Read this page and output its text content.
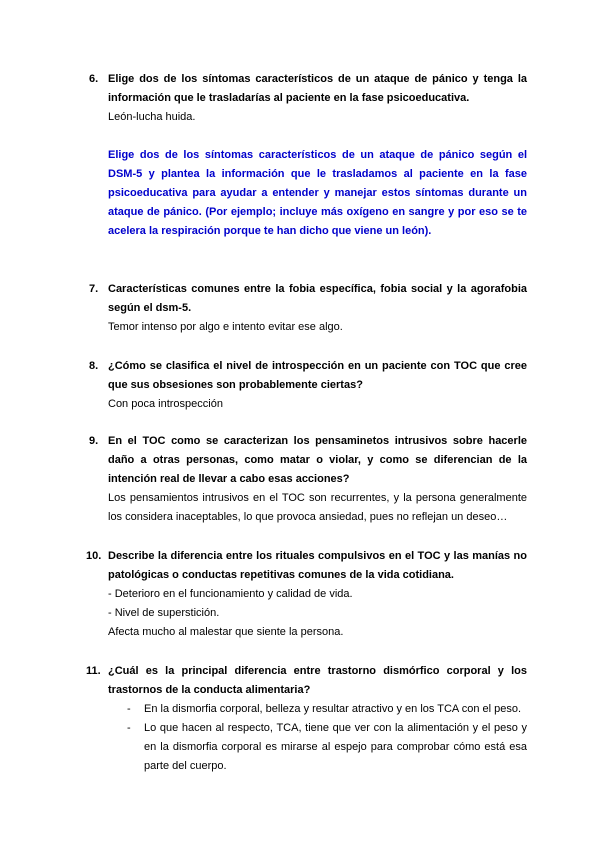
6. Elige dos de los síntomas característicos de un ataque de pánico y tenga la información que le trasladarías al paciente en la fase psicoeducativa.

León-lucha huida.

Elige dos de los síntomas característicos de un ataque de pánico según el DSM-5 y plantea la información que le trasladamos al paciente en la fase psicoeducativa para ayudar a entender y manejar estos síntomas durante un ataque de pánico. (Por ejemplo; incluye más oxígeno en sangre y por eso se te acelera la respiración porque te han dicho que viene un león).

7. Características comunes entre la fobia específica, fobia social y la agorafobia según el dsm-5.

Temor intenso por algo e intento evitar ese algo.

8. ¿Cómo se clasifica el nivel de introspección en un paciente con TOC que cree que sus obsesiones son probablemente ciertas?

Con poca introspección

9. En el TOC como se caracterizan los pensaminetos intrusivos sobre hacerle daño a otras personas, como matar o violar, y como se diferencian de la intención real de llevar a cabo esas acciones?

Los pensamientos intrusivos en el TOC son recurrentes, y la persona generalmente los considera inaceptables, lo que provoca ansiedad, pues no reflejan un deseo…

10. Describe la diferencia entre los rituales compulsivos en el TOC y las manías no patológicas o conductas repetitivas comunes de la vida cotidiana.

- Deterioro en el funcionamiento y calidad de vida.

- Nivel de superstición.

Afecta mucho al malestar que siente la persona.

11. ¿Cuál es la principal diferencia entre trastorno dismórfico corporal y los trastornos de la conducta alimentaria?

- En la dismorfia corporal, belleza y resultar atractivo y en los TCA con el peso.
- Lo que hacen al respecto, TCA, tiene que ver con la alimentación y el peso y en la dismorfia corporal es mirarse al espejo para comprobar cómo está esa parte del cuerpo.
